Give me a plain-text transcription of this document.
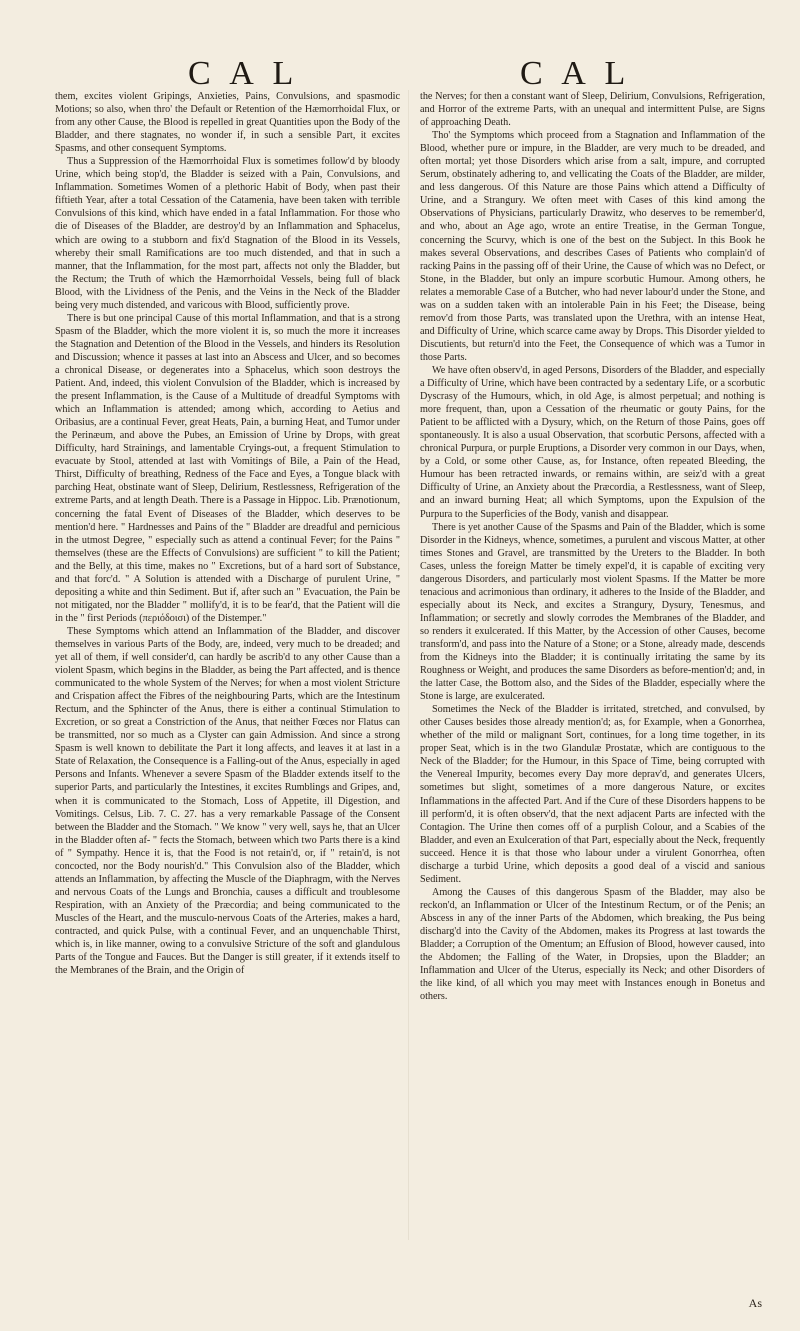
C A L	C A L

them, excites violent Gripings, Anxieties, Pains, Convulsions, and spasmodic Motions; so also, when thro' the Default or Retention of the Hæmorrhoidal Flux, or from any other Cause, the Blood is repelled in great Quantities upon the Body of the Bladder, and there stagnates, no wonder if, in such a sensible Part, it excites Spasms, and other consequent Symptoms.

Thus a Suppression of the Hæmorrhoidal Flux is sometimes follow'd by bloody Urine, which being stop'd, the Bladder is seized with a Pain, Convulsions, and Inflammation. Sometimes Women of a plethoric Habit of Body, when past their fiftieth Year, after a total Cessation of the Catamenia, have been taken with terrible Convulsions of this kind, which have ended in a fatal Inflammation. For those who die of Diseases of the Bladder, are destroy'd by an Inflammation and Sphacelus, which are owing to a stubborn and fix'd Stagnation of the Blood in its Vessels, whereby their small Ramifications are too much distended, and that in such a manner, that the Inflammation, for the most part, affects not only the Bladder, but the Rectum; the Truth of which the Hæmorrhoidal Vessels, being full of black Blood, with the Lividness of the Penis, and the Veins in the Neck of the Bladder being very much distended, and varicous with Blood, sufficiently prove.

There is but one principal Cause of this mortal Inflammation, and that is a strong Spasm of the Bladder, which the more violent it is, so much the more it increases the Stagnation and Detention of the Blood in the Vessels, and hinders its Resolution and Discussion; whence it passes at last into an Abscess and Ulcer, and so becomes a chronical Disease, or degenerates into a Sphacelus, which soon destroys the Patient. And, indeed, this violent Convulsion of the Bladder, which is increased by the present Inflammation, is the Cause of a Multitude of dreadful Symptoms with which an Inflammation is attended; among which, according to Aetius and Oribasius, are a continual Fever, great Heats, Pain, a burning Heat, and Tumor under the Perinæum, and above the Pubes, an Emission of Urine by Drops, with great Difficulty, hard Strainings, and lamentable Cryings-out, a frequent Stimulation to evacuate by Stool, attended at last with Vomitings of Bile, a Pain of the Head, Thirst, Difficulty of breathing, Redness of the Face and Eyes, a Tongue black with parching Heat, obstinate want of Sleep, Delirium, Restlessness, Refrigeration of the extreme Parts, and at length Death. There is a Passage in Hippoc. Lib. Prænotionum, concerning the fatal Event of Diseases of the Bladder, which deserves to be mention'd here. " Hardnesses and Pains of the " Bladder are dreadful and pernicious in the utmost Degree, " especially such as attend a continual Fever; for the Pains " themselves (these are the Effects of Convulsions) are sufficient " to kill the Patient; and the Belly, at this time, makes no " Excretions, but of a hard sort of Substance, and that forc'd. " A Solution is attended with a Discharge of purulent Urine, " depositing a white and thin Sediment. But if, after such an " Evacuation, the Pain be not mitigated, nor the Bladder " mollify'd, it is to be fear'd, that the Patient will die in the " first Periods (περιόδοισι) of the Distemper."

These Symptoms which attend an Inflammation of the Bladder, and discover themselves in various Parts of the Body, are, indeed, very much to be dreaded; and yet all of them, if well consider'd, can hardly be ascrib'd to any other Cause than a violent Spasm, which begins in the Bladder, as being the Part affected, and is thence communicated to the whole System of the Nerves; for when a most violent Stricture and Crispation affect the Fibres of the neighbouring Parts, which are the Intestinum Rectum, and the Sphincter of the Anus, there is either a continual Stimulation to Excretion, or so great a Constriction of the Anus, that neither Fœces nor Flatus can be transmitted, nor so much as a Clyster can gain Admission. And since a strong Spasm is well known to debilitate the Part it long affects, and leaves it at last in a State of Relaxation, the Consequence is a Falling-out of the Anus, especially in aged Persons and Infants. Whenever a severe Spasm of the Bladder extends itself to the superior Parts, and particularly the Intestines, it excites Rumblings and Gripes, and, when it is communicated to the Stomach, Loss of Appetite, ill Digestion, and Vomitings. Celsus, Lib. 7. C. 27. has a very remarkable Passage of the Consent between the Bladder and the Stomach. " We know " very well, says he, that an Ulcer in the Bladder often af- " fects the Stomach, between which two Parts there is a kind of " Sympathy. Hence it is, that the Food is not retain'd, or, if " retain'd, is not concocted, nor the Body nourish'd." This Convulsion also of the Bladder, which attends an Inflammation, by affecting the Muscle of the Diaphragm, with the Nerves and nervous Coats of the Lungs and Bronchia, causes a difficult and troublesome Respiration, with an Anxiety of the Præcordia; and being communicated to the Muscles of the Heart, and the musculo-nervous Coats of the Arteries, makes a hard, contracted, and quick Pulse, with a continual Fever, and an unquenchable Thirst, which is, in like manner, owing to a convulsive Stricture of the soft and glandulous Parts of the Tongue and Fauces. But the Danger is still greater, if it extends itself to the Membranes of the Brain, and the Origin of

the Nerves; for then a constant want of Sleep, Delirium, Convulsions, Refrigeration, and Horror of the extreme Parts, with an unequal and intermittent Pulse, are Signs of approaching Death.

Tho' the Symptoms which proceed from a Stagnation and Inflammation of the Blood, whether pure or impure, in the Bladder, are very much to be dreaded, and often mortal; yet those Disorders which arise from a salt, impure, and corrupted Serum, obstinately adhering to, and vellicating the Coats of the Bladder, are milder, and less dangerous. Of this Nature are those Pains which attend a Difficulty of Urine, and a Strangury. We often meet with Cases of this kind among the Observations of Physicians, particularly Drawitz, who deserves to be remember'd, and who, about an Age ago, wrote an entire Treatise, in the German Tongue, concerning the Scurvy, which is one of the best on the Subject. In this Book he makes several Observations, and describes Cases of Patients who complain'd of racking Pains in the passing off of their Urine, the Cause of which was no Defect, or Stone, in the Bladder, but only an impure scorbutic Humour. Among others, he relates a memorable Case of a Butcher, who had never labour'd under the Stone, and was on a sudden taken with an intolerable Pain in his Feet; the Disease, being remov'd from those Parts, was translated upon the Urethra, with an intense Heat, and Difficulty of Urine, which scarce came away by Drops. This Disorder yielded to Discutients, but return'd into the Feet, the Consequence of which was a Tumor in those Parts.

We have often observ'd, in aged Persons, Disorders of the Bladder, and especially a Difficulty of Urine, which have been contracted by a sedentary Life, or a scorbutic Dyscrasy of the Humours, which, in old Age, is almost perpetual; and nothing is more frequent, than, upon a Cessation of the rheumatic or gouty Pains, for the Patient to be afflicted with a Dysury, which, on the Return of those Pains, goes off spontaneously. It is also a usual Observation, that scorbutic Persons, affected with a chronical Purpura, or purple Eruptions, a Disorder very common in our Days, when, by a Cold, or some other Cause, as, for Instance, often repeated Bleeding, the Humour has been retracted inwards, or remains within, are seiz'd with a great Difficulty of Urine, an Anxiety about the Præcordia, a Restlessness, want of Sleep, and an inward burning Heat; all which Symptoms, upon the Expulsion of the Purpura to the Superficies of the Body, vanish and disappear.

There is yet another Cause of the Spasms and Pain of the Bladder, which is some Disorder in the Kidneys, whence, sometimes, a purulent and viscous Matter, at other times Stones and Gravel, are transmitted by the Ureters to the Bladder. In both Cases, unless the foreign Matter be timely expel'd, it is capable of exciting very dangerous Disorders, and particularly most violent Spasms. If the Matter be more tenacious and acrimonious than ordinary, it adheres to the Inside of the Bladder, and especially about its Neck, and excites a Strangury, Dysury, Tenesmus, and Inflammation; or secretly and slowly corrodes the Membranes of the Bladder, and so renders it exulcerated. If this Matter, by the Accession of other Causes, become transform'd, and pass into the Nature of a Stone; or a Stone, already made, descends from the Kidneys into the Bladder; it is continually irritating the same by its Roughness or Weight, and produces the same Disorders as before-mention'd; and, in the latter Case, the Bottom also, and the Sides of the Bladder, especially where the Stone is large, are exulcerated.

Sometimes the Neck of the Bladder is irritated, stretched, and convulsed, by other Causes besides those already mention'd; as, for Example, when a Gonorrhea, whether of the mild or malignant Sort, continues, for a long time together, in its proper Seat, which is in the two Glandulæ Prostatæ, which are contiguous to the Neck of the Bladder; for the Humour, in this Space of Time, being corrupted with the Venereal Impurity, becomes every Day more deprav'd, and generates Ulcers, sometimes but slight, sometimes of a more dangerous Nature, or excites Inflammations in the affected Part. And if the Cure of these Disorders happens to be ill perform'd, it is often observ'd, that the next adjacent Parts are infected with the Contagion. The Urine then comes off of a purplish Colour, and a Scabies of the Bladder, and even an Exulceration of that Part, especially about the Neck, frequently succeed. Hence it is that those who labour under a virulent Gonorrhea, often discharge a turbid Urine, which deposits a good deal of a viscid and sanious Sediment.

Among the Causes of this dangerous Spasm of the Bladder, may also be reckon'd, an Inflammation or Ulcer of the Intestinum Rectum, or of the Penis; an Abscess in any of the inner Parts of the Abdomen, which breaking, the Pus being discharg'd into the Cavity of the Abdomen, makes its Progress at last towards the Bladder; a Corruption of the Omentum; an Effusion of Blood, however caused, into the Abdomen; the Falling of the Water, in Dropsies, upon the Bladder; an Inflammation and Ulcer of the Uterus, especially its Neck; and other Disorders of the like kind, of all which you may meet with Instances enough in Bonetus and others.

As
